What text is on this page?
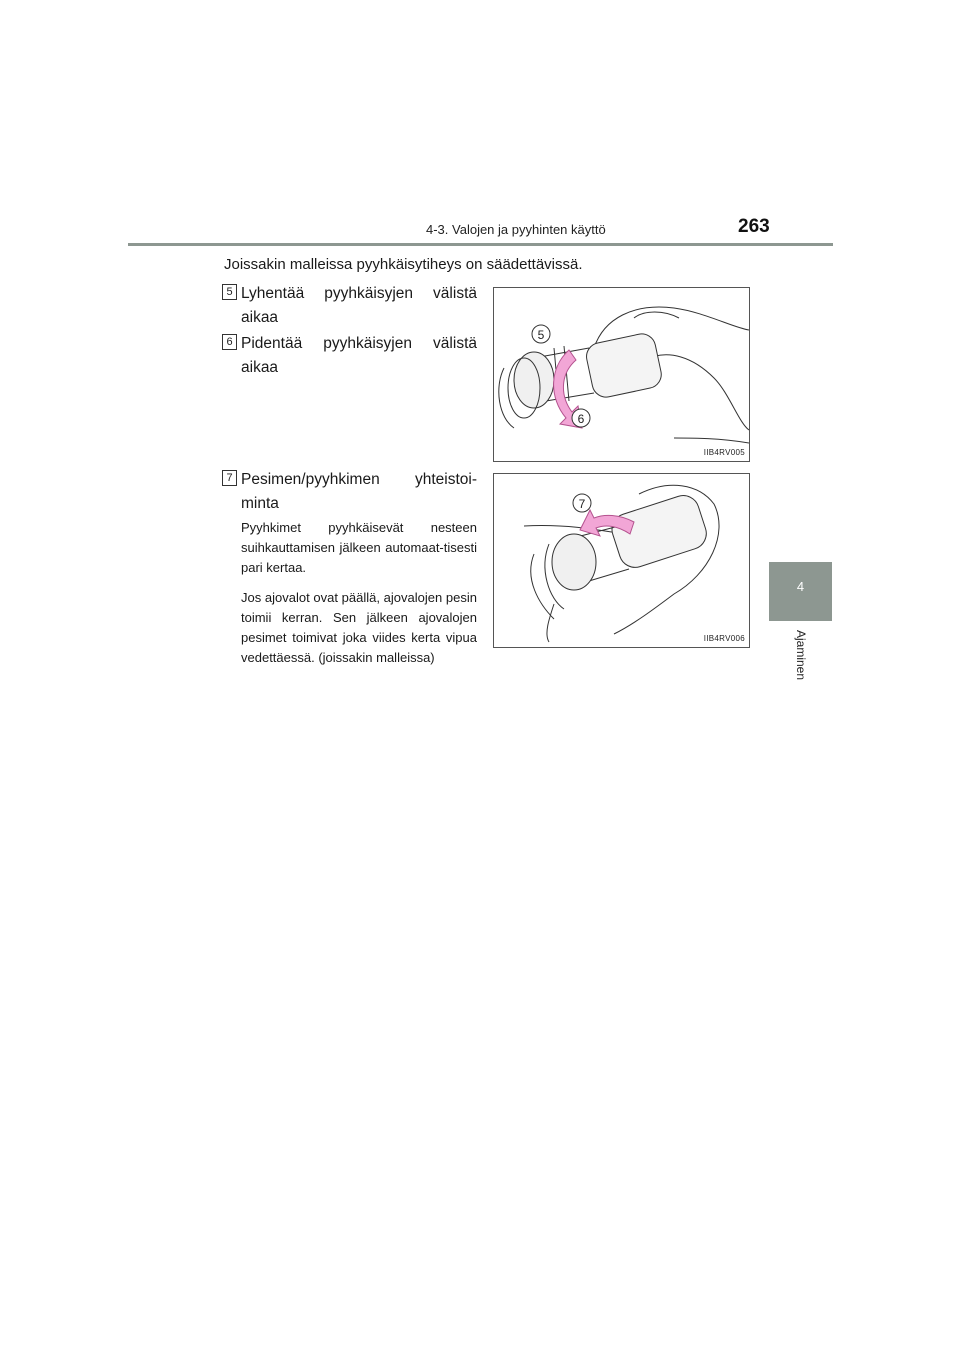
4-3. Valojen ja pyyhinten käyttö	263
4
Ajaminen
Joissakin malleissa pyyhkäisytiheys on säädettävissä.
5 Lyhentää pyyhkäisyjen välistä aikaa
6 Pidentää pyyhkäisyjen välistä aikaa
7 Pesimen/pyyhkimen yhteistoi-minta
Pyyhkimet pyyhkäisevät nesteen suihkauttamisen jälkeen automaat-tisesti pari kertaa.
Jos ajovalot ovat päällä, ajovalojen pesin toimii kerran. Sen jälkeen ajovalojen pesimet toimivat joka viides kerta vipua vedettäessä. (joissakin malleissa)
5
6
IIB4RV005
7
IIB4RV006
